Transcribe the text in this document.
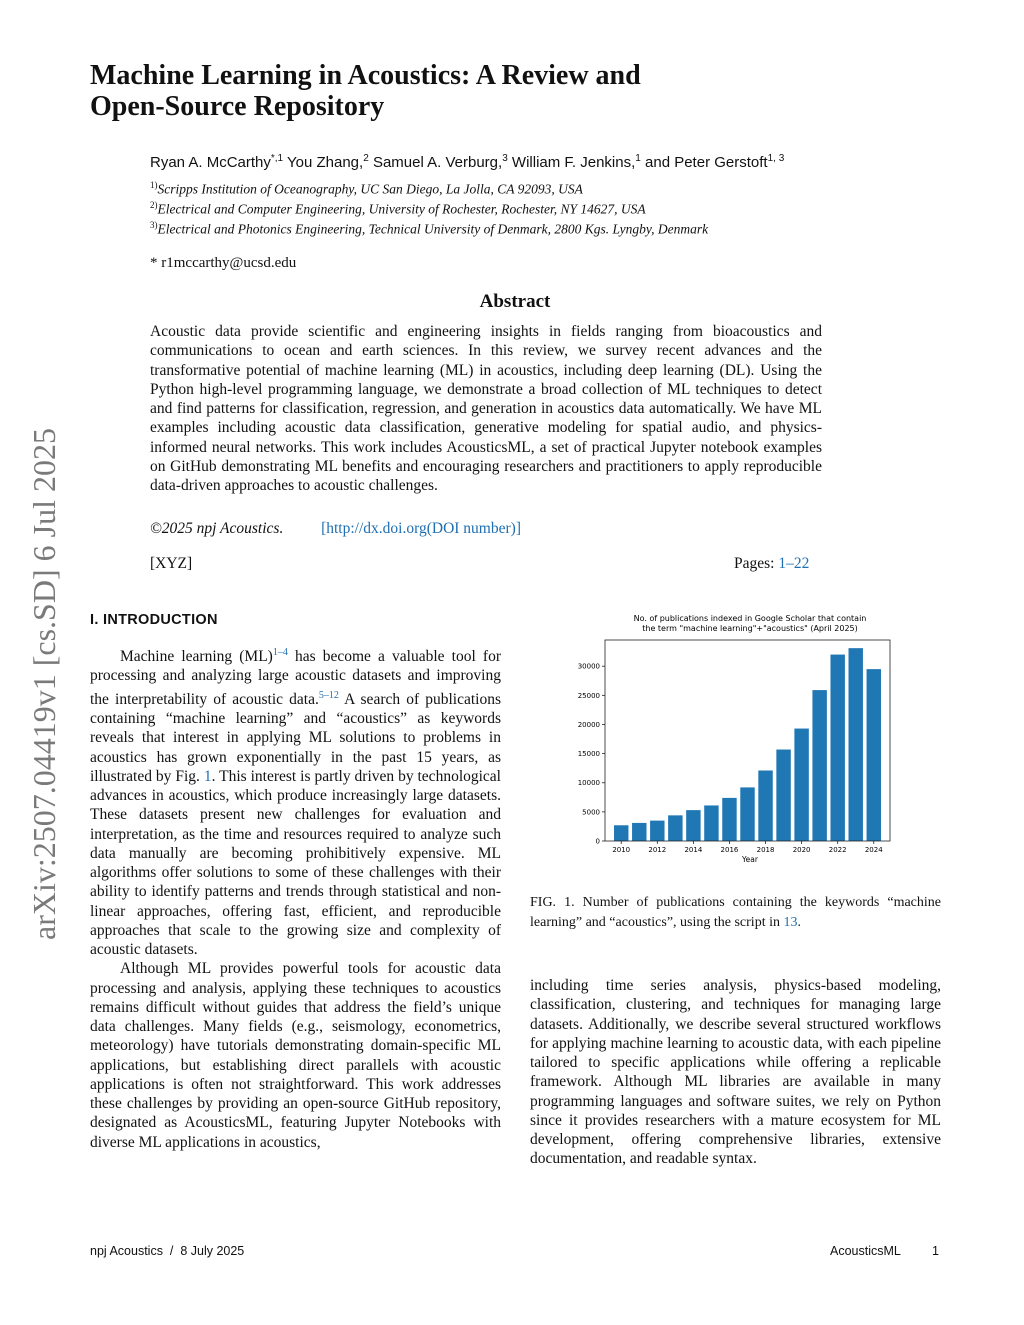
arXiv:2507.04419v1 [cs.SD] 6 Jul 2025
Machine Learning in Acoustics: A Review and
Open-Source Repository
Ryan A. McCarthy$^{*,1}$ You Zhang,$^2$ Samuel A. Verburg,$^3$ William F. Jenkins,$^1$ and Peter Gerstoft$^{1, 3}$
$^{1)}$Scripps Institution of Oceanography, UC San Diego, La Jolla, CA 92093, USA
$^{2)}$Electrical and Computer Engineering, University of Rochester, Rochester, NY 14627, USA
$^{3)}$Electrical and Photonics Engineering, Technical University of Denmark, 2800 Kgs. Lyngby, Denmark
* r1mccarthy@ucsd.edu
Abstract
Acoustic data provide scientific and engineering insights in fields ranging from bioacoustics and communications to ocean and earth sciences. In this review, we survey recent advances and the transformative potential of machine learning (ML) in acoustics, including deep learning (DL). Using the Python high-level programming language, we demonstrate a broad collection of ML techniques to detect and find patterns for classification, regression, and generation in acoustics data automatically. We have ML examples including acoustic data classification, generative modeling for spatial audio, and physics-informed neural networks. This work includes AcousticsML, a set of practical Jupyter notebook examples on GitHub demonstrating ML benefits and encouraging researchers and practitioners to apply reproducible data-driven approaches to acoustic challenges.
©2025 npj Acoustics. [http://dx.doi.org(DOI number)]
[XYZ]	Pages: 1–22
I. INTRODUCTION

Machine learning (ML)$^{1-4}$ has become a valuable tool for processing and analyzing large acoustic datasets and improving the interpretability of acoustic data.$^{5-12}$ A search of publications containing “machine learning” and “acoustics” as keywords reveals that interest in applying ML solutions to problems in acoustics has grown exponentially in the past 15 years, as illustrated by Fig. 1. This interest is partly driven by technological advances in acoustics, which produce increasingly large datasets. These datasets present new challenges for evaluation and interpretation, as the time and resources required to analyze such data manually are becoming prohibitively expensive. ML algorithms offer solutions to some of these challenges with their ability to identify patterns and trends through statistical and non-linear approaches, offering fast, efficient, and reproducible approaches that scale to the growing size and complexity of acoustic datasets.

Although ML provides powerful tools for acoustic data processing and analysis, applying these techniques to acoustics remains difficult without guides that address the field’s unique data challenges. Many fields (e.g., seismology, econometrics, meteorology) have tutorials demonstrating domain-specific ML applications, but establishing direct parallels with acoustic applications is often not straightforward. This work addresses these challenges by providing an open-source GitHub repository, designated as AcousticsML, featuring Jupyter Notebooks with diverse ML applications in acoustics,

including time series analysis, physics-based modeling, classification, clustering, and techniques for managing large datasets. Additionally, we describe several structured workflows for applying machine learning to acoustic data, with each pipeline tailored to specific applications while offering a replicable framework. Although ML libraries are available in many programming languages and software suites, we rely on Python since it provides researchers with a mature ecosystem for ML development, offering comprehensive libraries, extensive documentation, and readable syntax.

No. of publications indexed in Google Scholar that contain
the term "machine learning"+"acoustics" (April 2025)
0
5000
10000
15000
20000
25000
30000
2010	2012	2014	2016	2018	2020	2022	2024
Year
FIG. 1. Number of publications containing the keywords “machine learning” and “acoustics”, using the script in 13.
npj Acoustics  /  8 July 2025	AcousticsML 1
